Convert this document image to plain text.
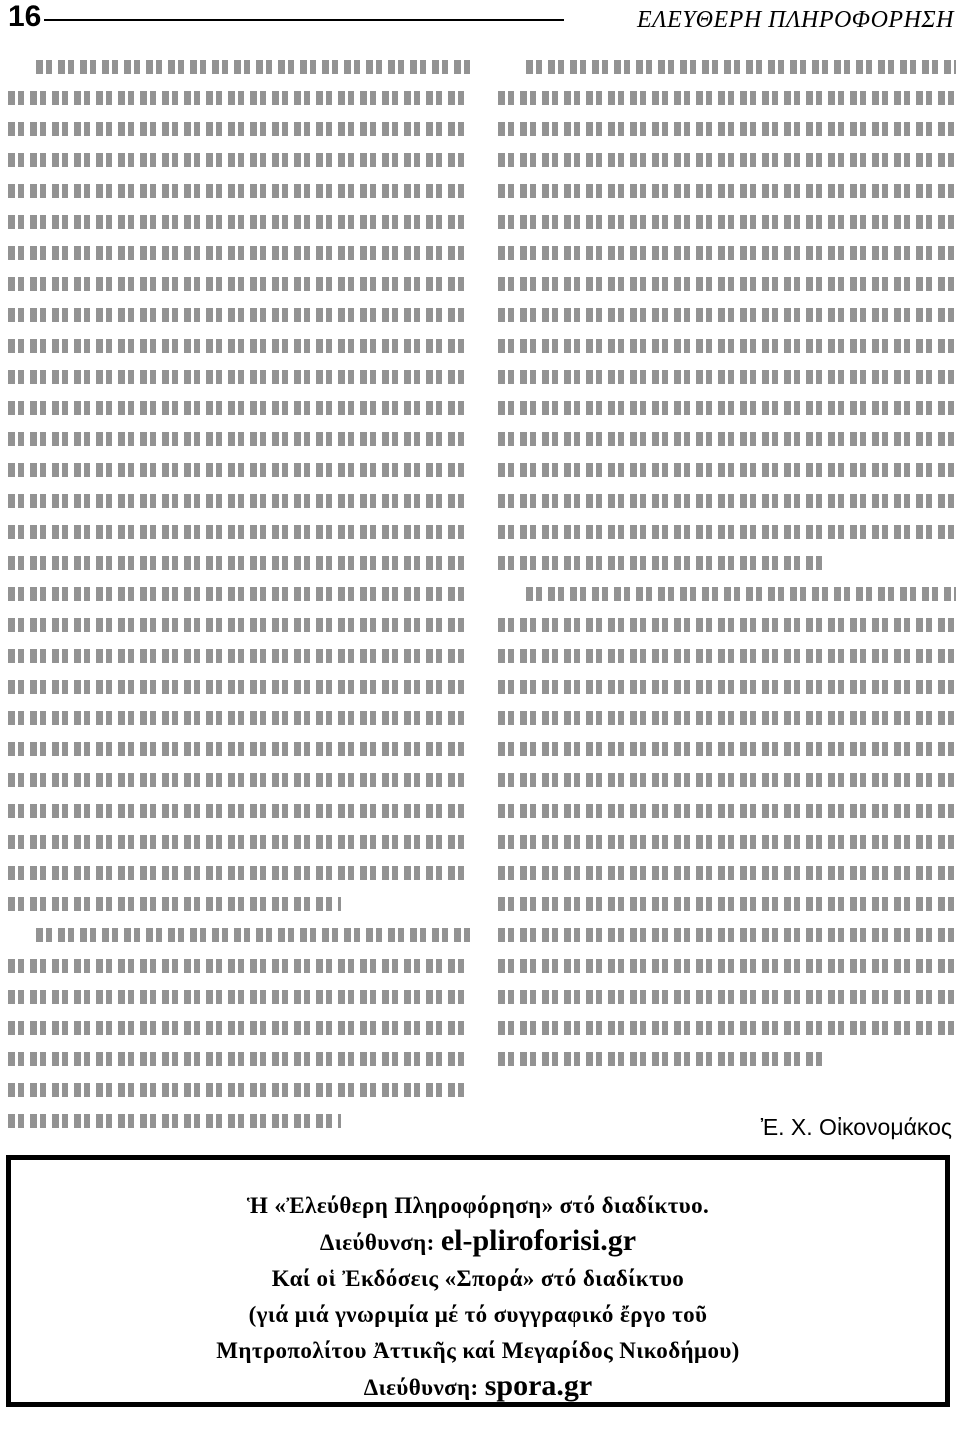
16	ΕΛΕΥΘΕΡΗ ΠΛΗΡΟΦΟΡΗΣΗ
Ἐ. Χ. Οἰκονομάκος

Ἡ «Ἐλεύθερη Πληροφόρηση» στό διαδίκτυο.

Διεύθυνση: el-pliroforisi.gr

Καί οἱ Ἐκδόσεις «Σπορά» στό διαδίκτυο

(γιά μιά γνωριμία μέ τό συγγραφικό ἔργο τοῦ

Μητροπολίτου Ἀττικῆς καί Μεγαρίδος Νικοδήμου)

Διεύθυνση: spora.gr
